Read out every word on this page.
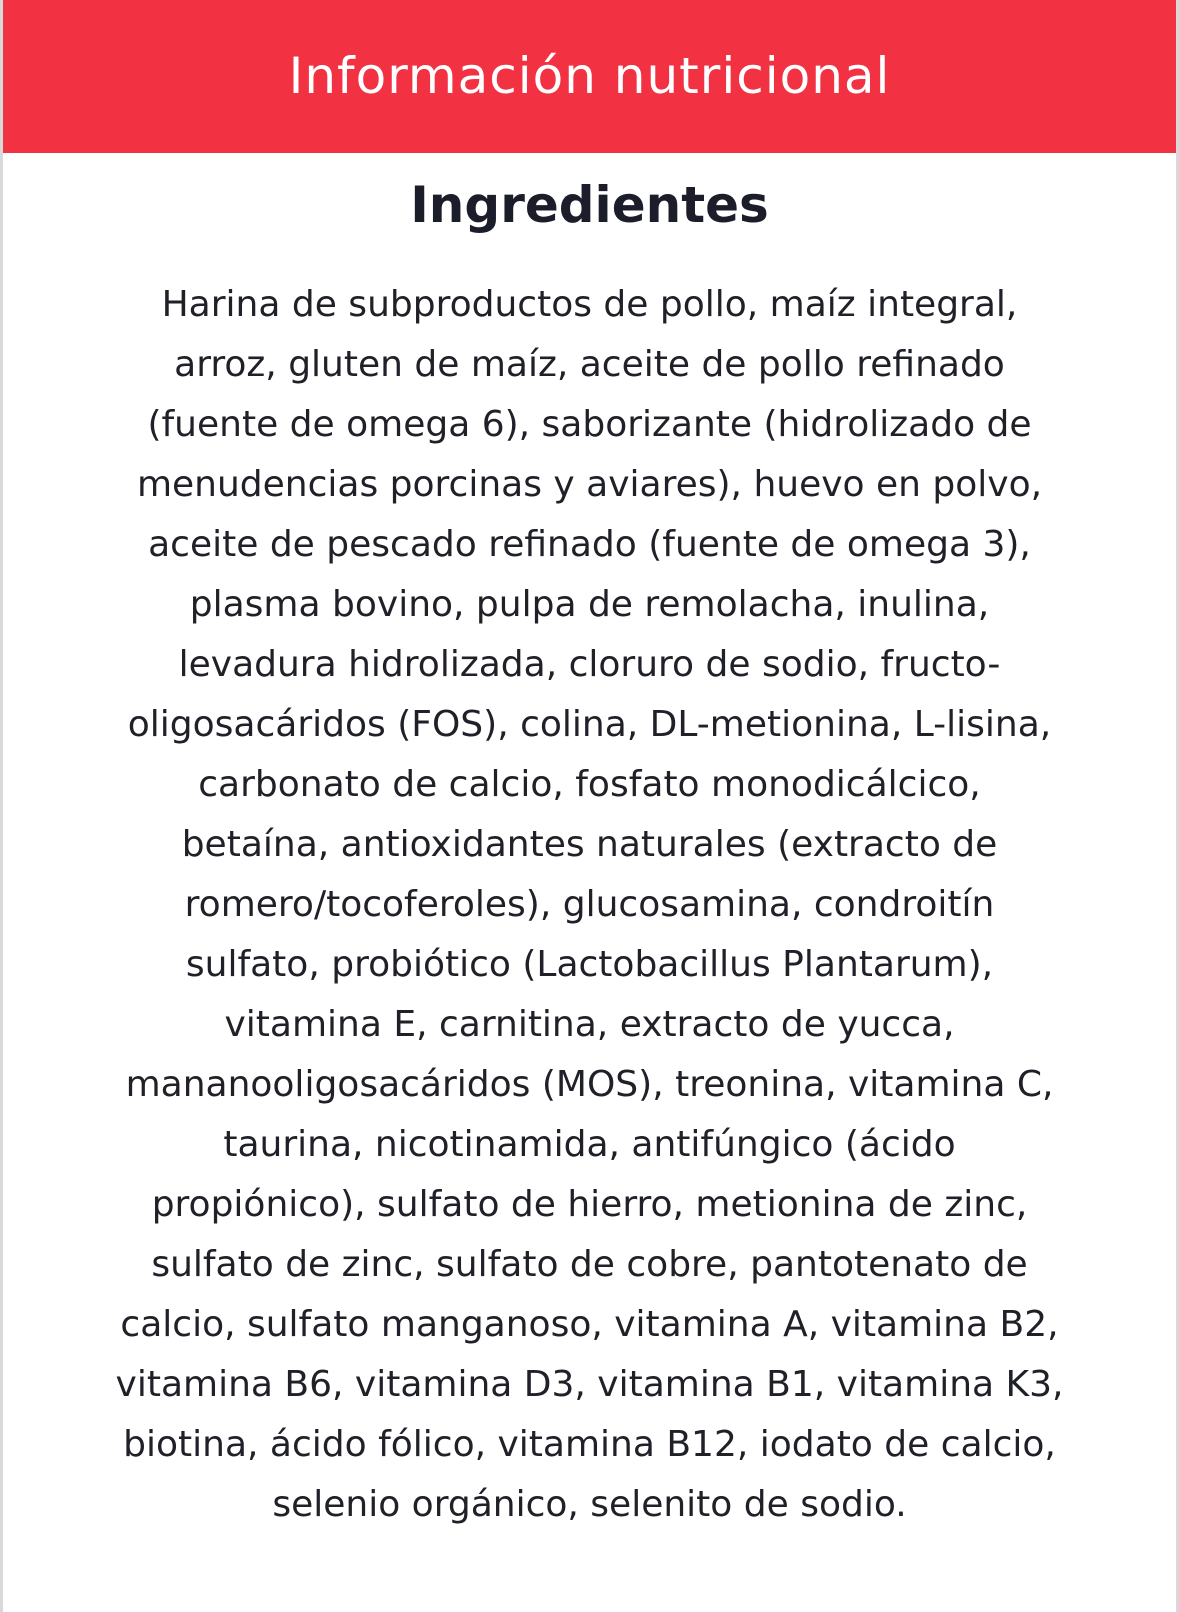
Información nutricional
Ingredientes

Harina de subproductos de pollo, maíz integral,
arroz, gluten de maíz, aceite de pollo refinado
(fuente de omega 6), saborizante (hidrolizado de
menudencias porcinas y aviares), huevo en polvo,
aceite de pescado refinado (fuente de omega 3),
plasma bovino, pulpa de remolacha, inulina,
levadura hidrolizada, cloruro de sodio, fructo-
oligosacáridos (FOS), colina, DL-metionina, L-lisina,
carbonato de calcio, fosfato monodicálcico,
betaína, antioxidantes naturales (extracto de
romero/tocoferoles), glucosamina, condroitín
sulfato, probiótico (Lactobacillus Plantarum),
vitamina E, carnitina, extracto de yucca,
mananooligosacáridos (MOS), treonina, vitamina C,
taurina, nicotinamida, antifúngico (ácido
propiónico), sulfato de hierro, metionina de zinc,
sulfato de zinc, sulfato de cobre, pantotenato de
calcio, sulfato manganoso, vitamina A, vitamina B2,
vitamina B6, vitamina D3, vitamina B1, vitamina K3,
biotina, ácido fólico, vitamina B12, iodato de calcio,
selenio orgánico, selenito de sodio.
